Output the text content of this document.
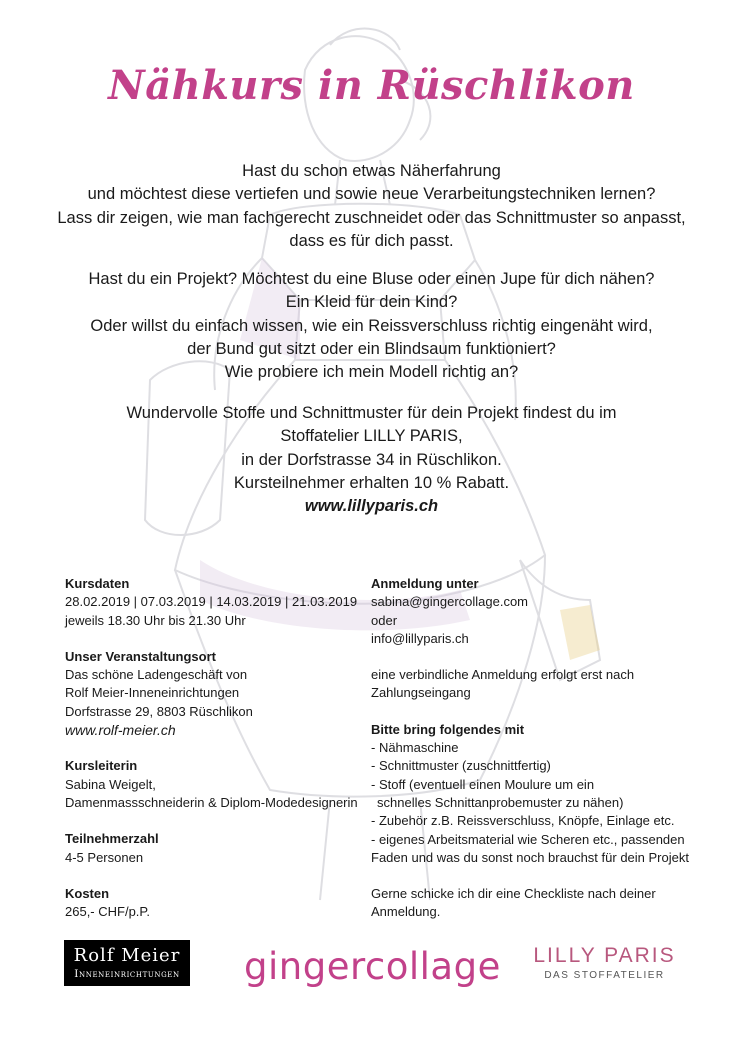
Nähkurs in Rüschlikon

Hast du schon etwas Näherfahrung

und möchtest diese vertiefen und sowie neue Verarbeitungstechniken lernen?

Lass dir zeigen, wie man fachgerecht zuschneidet oder das Schnittmuster so anpasst,

dass es für dich passt.

Hast du ein Projekt? Möchtest du eine Bluse oder einen Jupe für dich nähen?

Ein Kleid für dein Kind?

Oder willst du einfach wissen, wie ein Reissverschluss richtig eingenäht wird,

der Bund gut sitzt oder ein Blindsaum funktioniert?

Wie probiere ich mein Modell richtig an?

Wundervolle Stoffe und Schnittmuster für dein Projekt findest du im

Stoffatelier LILLY PARIS,

in der Dorfstrasse 34 in Rüschlikon.

Kursteilnehmer erhalten 10 % Rabatt.

www.lillyparis.ch

Kursdaten
28.02.2019 | 07.03.2019 | 14.03.2019 | 21.03.2019
jeweils 18.30 Uhr bis 21.30 Uhr
Unser Veranstaltungsort
Das schöne Ladengeschäft von
Rolf Meier-Inneneinrichtungen
Dorfstrasse 29, 8803 Rüschlikon
www.rolf-meier.ch
Kursleiterin
Sabina Weigelt,
Damenmassschneiderin & Diplom-Modedesignerin
Teilnehmerzahl
4-5 Personen
Kosten
265,- CHF/p.P.
Anmeldung unter
sabina@gingercollage.com
oder
info@lillyparis.ch
eine verbindliche Anmeldung erfolgt erst nach
Zahlungseingang
Bitte bring folgendes mit
- Nähmaschine
- Schnittmuster (zuschnittfertig)
- Stoff (eventuell einen Moulure um ein
schnelles Schnittanprobemuster zu nähen)
- Zubehör z.B. Reissverschluss, Knöpfe, Einlage etc.
- eigenes Arbeitsmaterial wie Scheren etc., passenden
Faden und was du sonst noch brauchst für dein Projekt
Gerne schicke ich dir eine Checkliste nach deiner
Anmeldung.
Rolf Meier
Inneneinrichtungen gingercollage LILLY PARIS
DAS STOFFATELIER
